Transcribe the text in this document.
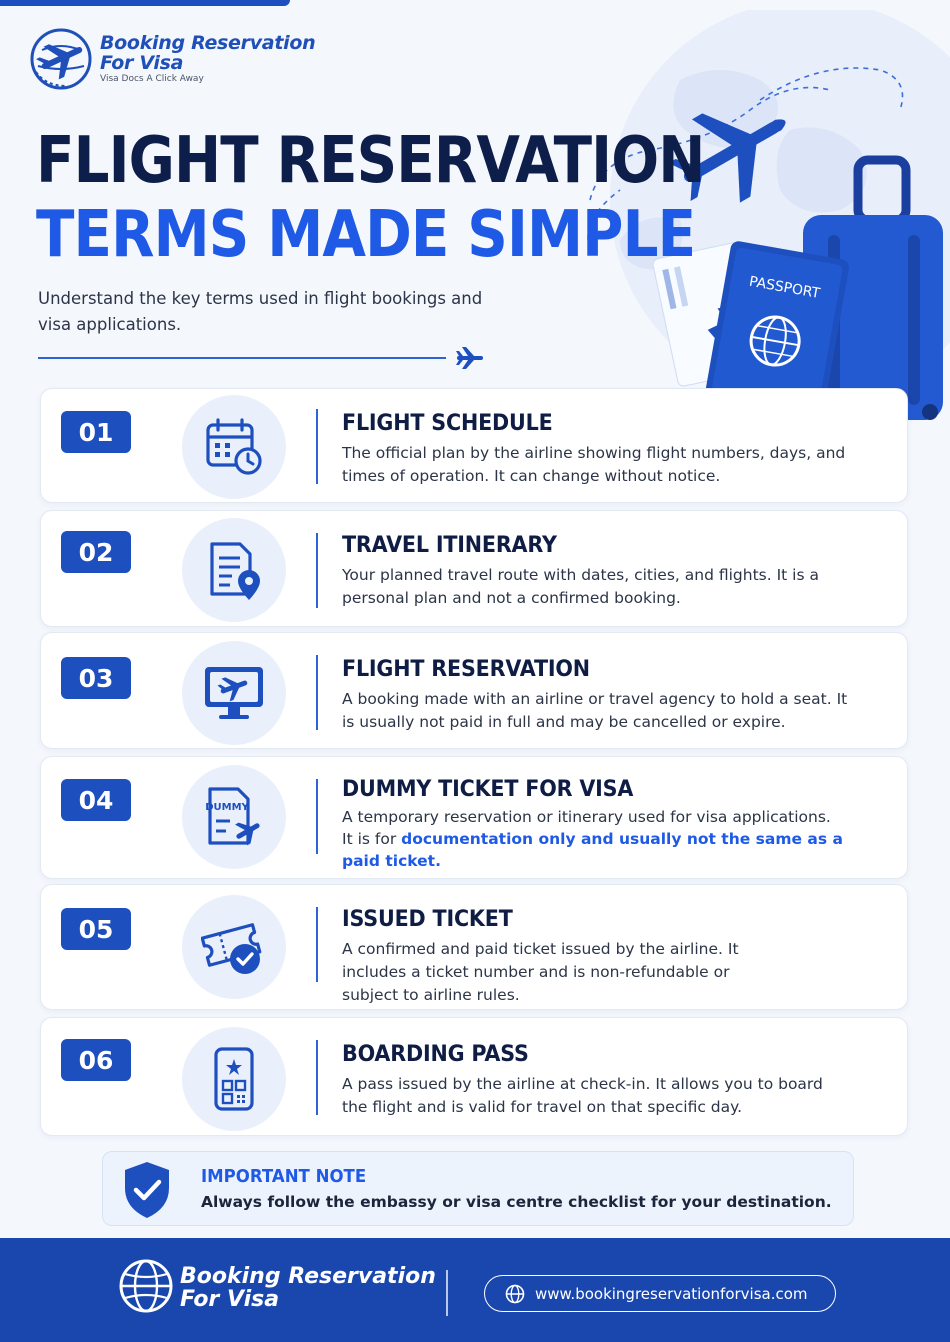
PASSPORT
Booking Reservation
For Visa
Visa Docs A Click Away
FLIGHT RESERVATION
TERMS MADE SIMPLE
Understand the key terms used in flight bookings and visa applications.
01	FLIGHT SCHEDULE
The official plan by the airline showing flight numbers, days, and times of operation. It can change without notice.
02	TRAVEL ITINERARY
Your planned travel route with dates, cities, and flights. It is a personal plan and not a confirmed booking.
03	FLIGHT RESERVATION
A booking made with an airline or travel agency to hold a seat. It is usually not paid in full and may be cancelled or expire.
04	DUMMY
DUMMY TICKET FOR VISA
A temporary reservation or itinerary used for visa applications.
It is for documentation only and usually not the same as a paid ticket.
05	ISSUED TICKET
A confirmed and paid ticket issued by the airline. It includes a ticket number and is non-refundable or subject to airline rules.
06	BOARDING PASS
A pass issued by the airline at check-in. It allows you to board the flight and is valid for travel on that specific day.
IMPORTANT NOTE
Always follow the embassy or visa centre checklist for your destination.
Booking Reservation
For Visa	www.bookingreservationforvisa.com
